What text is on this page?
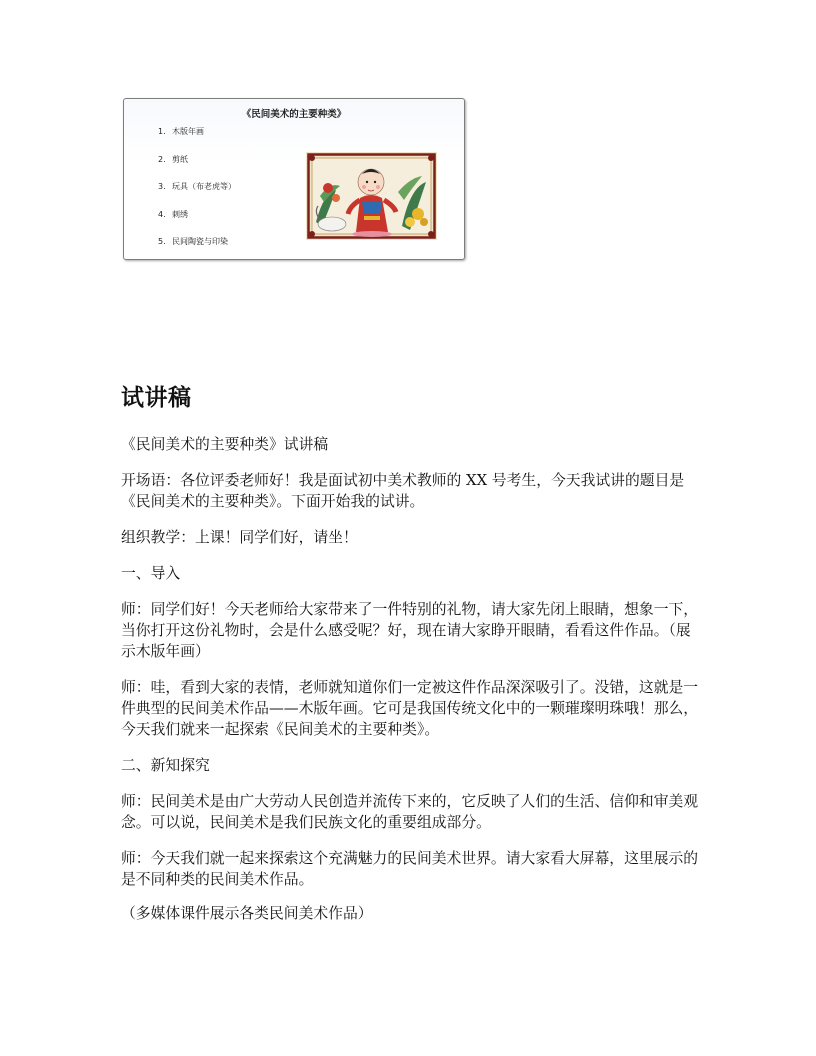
《民间美术的主要种类》
1. 木版年画
2. 剪纸
3. 玩具（布老虎等）
4. 刺绣
5. 民间陶瓷与印染
试讲稿

《民间美术的主要种类》试讲稿

开场语：各位评委老师好！我是面试初中美术教师的 XX 号考生，今天我试讲的题目是《民间美术的主要种类》。下面开始我的试讲。

组织教学：上课！同学们好，请坐！

一、导入

师：同学们好！今天老师给大家带来了一件特别的礼物，请大家先闭上眼睛，想象一下，当你打开这份礼物时，会是什么感受呢？好，现在请大家睁开眼睛，看看这件作品。（展示木版年画）

师：哇，看到大家的表情，老师就知道你们一定被这件作品深深吸引了。没错，这就是一件典型的民间美术作品——木版年画。它可是我国传统文化中的一颗璀璨明珠哦！那么，今天我们就来一起探索《民间美术的主要种类》。

二、新知探究

师：民间美术是由广大劳动人民创造并流传下来的，它反映了人们的生活、信仰和审美观念。可以说，民间美术是我们民族文化的重要组成部分。

师：今天我们就一起来探索这个充满魅力的民间美术世界。请大家看大屏幕，这里展示的是不同种类的民间美术作品。

（多媒体课件展示各类民间美术作品）
